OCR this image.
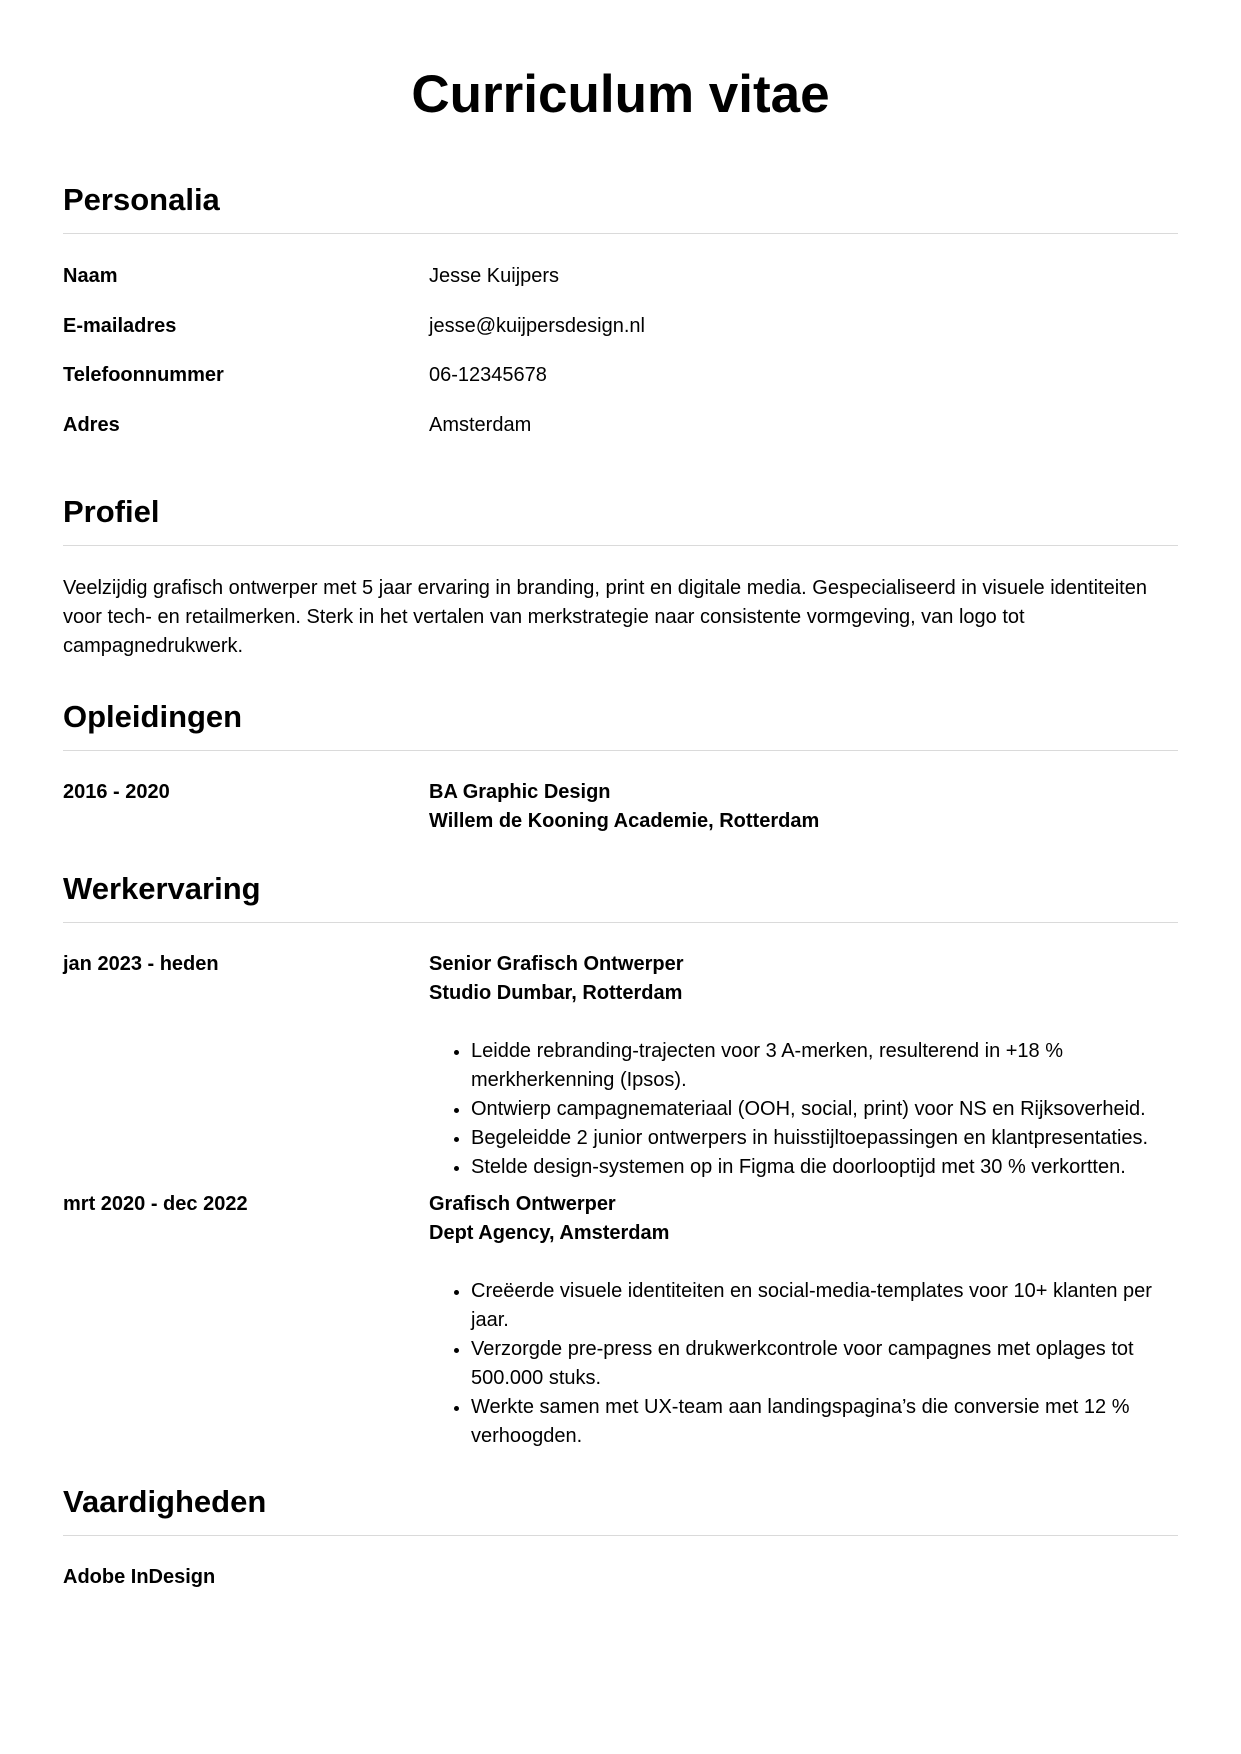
Curriculum vitae
Personalia
Naam	Jesse Kuijpers
E-mailadres	jesse@kuijpersdesign.nl
Telefoonnummer	06-12345678
Adres	Amsterdam
Profiel

Veelzijdig grafisch ontwerper met 5 jaar ervaring in branding, print en digitale media. Gespecialiseerd in visuele identiteiten voor tech- en retailmerken. Sterk in het vertalen van merkstrategie naar consistente vormgeving, van logo tot campagnedrukwerk.

Opleidingen
2016 - 2020	BA Graphic Design
Willem de Kooning Academie, Rotterdam
Werkervaring
jan 2023 - heden	Senior Grafisch Ontwerper
Studio Dumbar, Rotterdam
• Leidde rebranding-trajecten voor 3 A-merken, resulterend in +18 % merkherkenning (Ipsos).
• Ontwierp campagnemateriaal (OOH, social, print) voor NS en Rijksoverheid.
• Begeleidde 2 junior ontwerpers in huisstijltoepassingen en klantpresentaties.
• Stelde design-systemen op in Figma die doorlooptijd met 30 % verkortten.
mrt 2020 - dec 2022	Grafisch Ontwerper
Dept Agency, Amsterdam
• Creëerde visuele identiteiten en social-media-templates voor 10+ klanten per jaar.
• Verzorgde pre-press en drukwerkcontrole voor campagnes met oplages tot 500.000 stuks.
• Werkte samen met UX-team aan landingspagina’s die conversie met 12 % verhoogden.
Vaardigheden
Adobe InDesign
